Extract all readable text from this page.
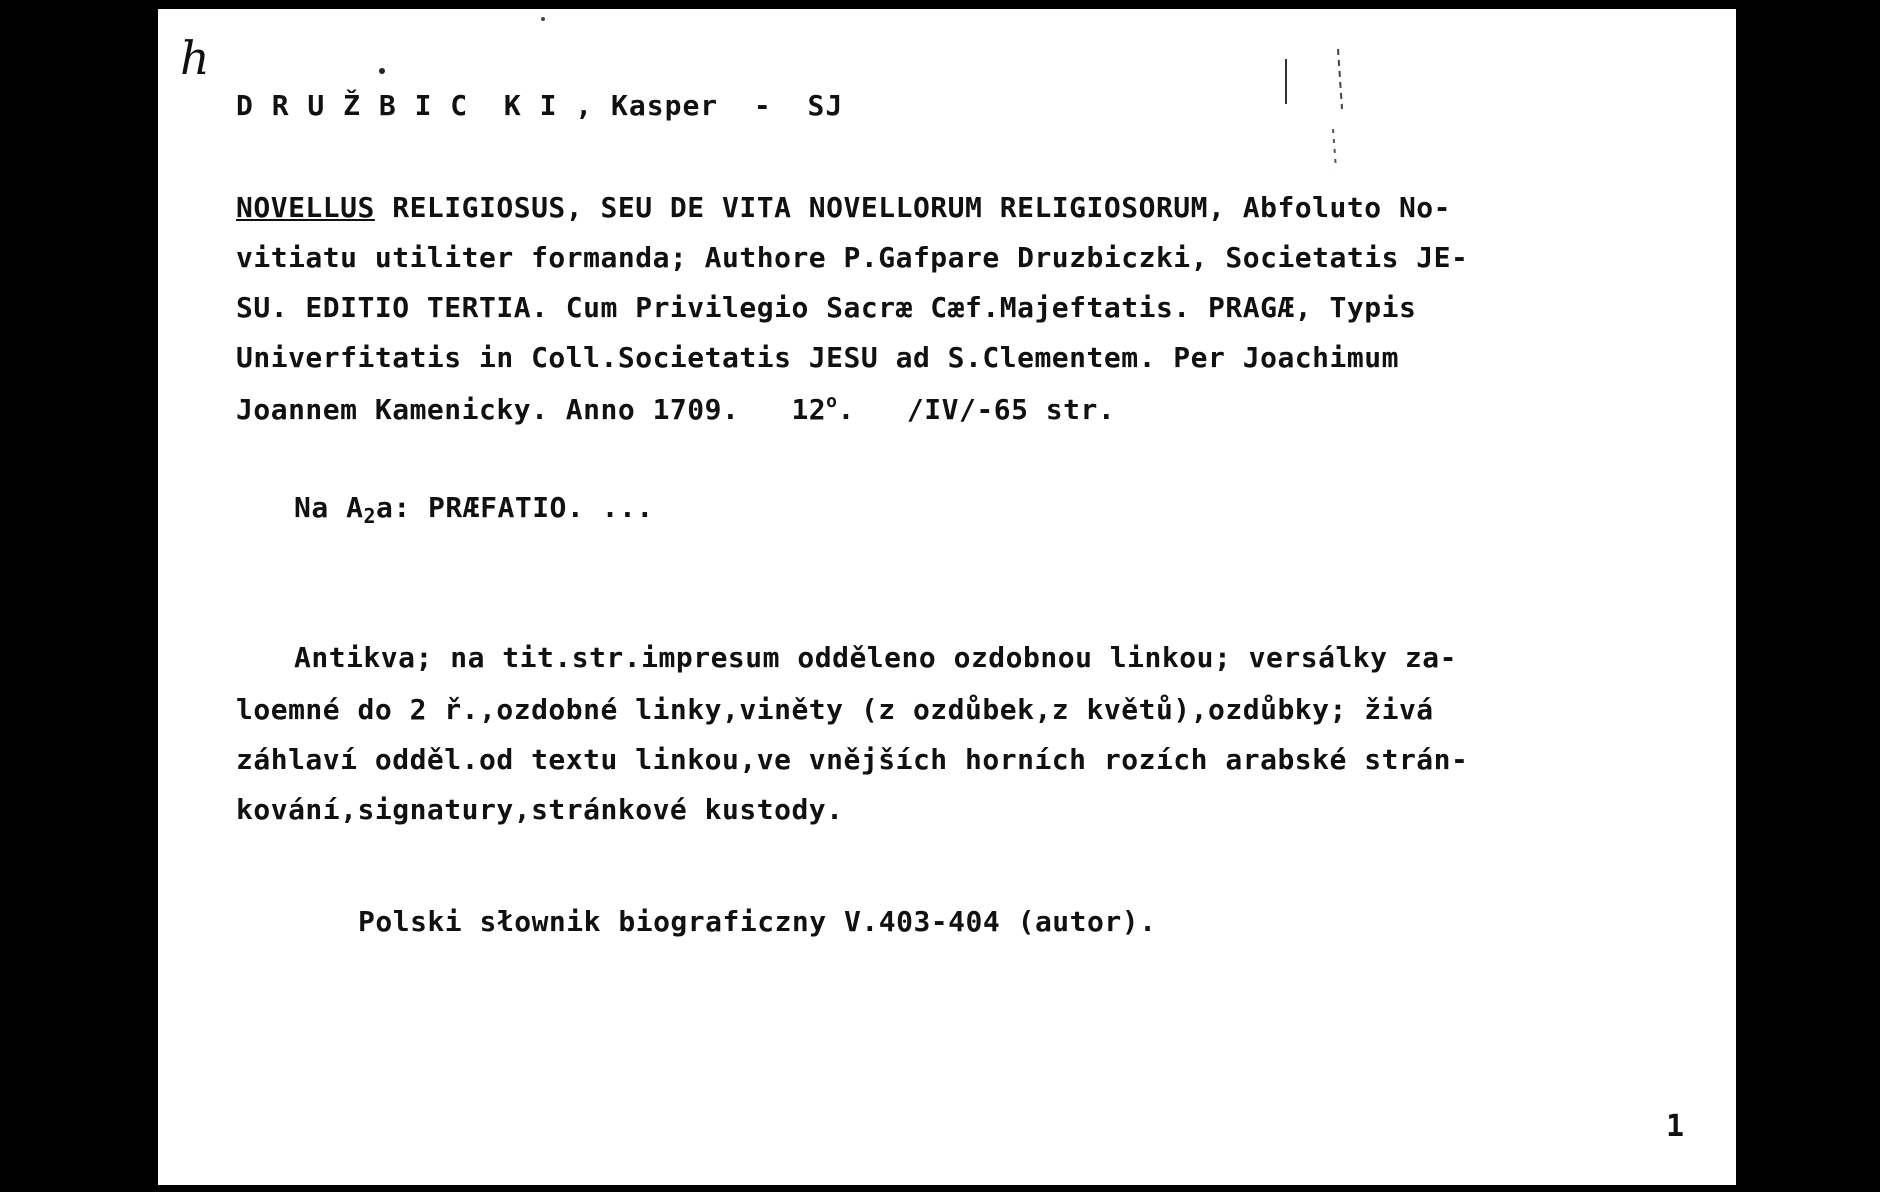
h
D R U Ž B I C  K I , Kasper  -  SJ
NOVELLUS RELIGIOSUS, SEU DE VITA NOVELLORUM RELIGIOSORUM, Abfoluto No-
vitiatu utiliter formanda; Authore P.Gafpare Druzbiczki, Societatis JE-
SU. EDITIO TERTIA. Cum Privilegio Sacræ Cæf.Majeftatis. PRAGÆ, Typis
Univerfitatis in Coll.Societatis JESU ad S.Clementem. Per Joachimum
Joannem Kamenicky. Anno 1709.   12$^o$.   /IV/-65 str.
Na $A_2a$: PRÆFATIO. ...
Antikva; na tit.str.impresum odděleno ozdobnou linkou; versálky za-
loemné do 2 ř.,ozdobné linky,viněty (z ozdůbek,z květů),ozdůbky; živá
záhlaví odděl.od textu linkou,ve vnějších horních rozích arabské strán-
kování,signatury,stránkové kustody.
Polski słownik biograficzny V.403-404 (autor).
1
